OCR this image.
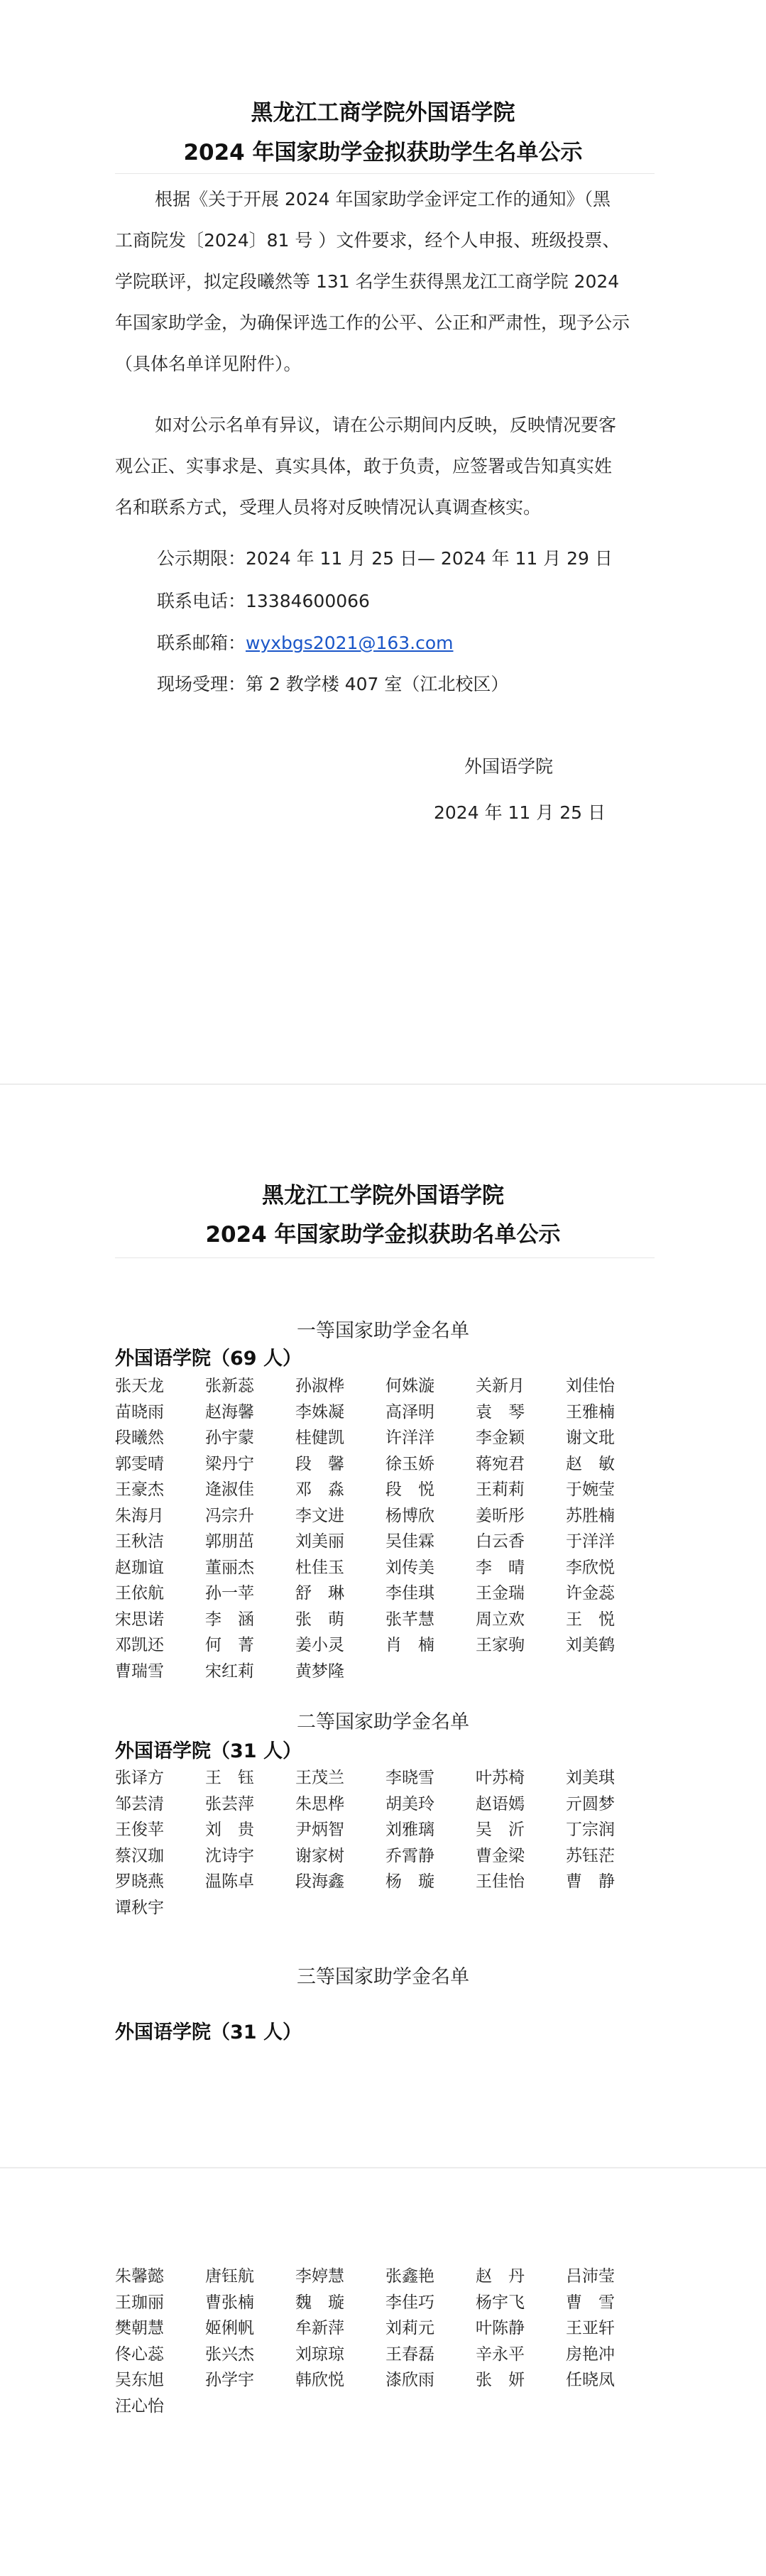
黑龙江工商学院外国语学院
2024 年国家助学金拟获助学生名单公示
根据《关于开展 2024 年国家助学金评定工作的通知》（黑
工商院发〔2024〕81 号 ）文件要求，经个人申报、班级投票、
学院联评，拟定段曦然等 131 名学生获得黑龙江工商学院 2024
年国家助学金，为确保评选工作的公平、公正和严肃性，现予公示
（具体名单详见附件）。
如对公示名单有异议，请在公示期间内反映，反映情况要客
观公正、实事求是、真实具体，敢于负责，应签署或告知真实姓
名和联系方式，受理人员将对反映情况认真调查核实。
公示期限：2024 年 11 月 25 日— 2024 年 11 月 29 日
联系电话：13384600066
联系邮箱：wyxbgs2021@163.com
现场受理：第 2 教学楼 407 室（江北校区）
外国语学院
2024 年 11 月 25 日
黑龙江工学院外国语学院
2024 年国家助学金拟获助名单公示
一等国家助学金名单
外国语学院（69 人）
张天龙	张新蕊	孙淑桦	何姝漩	关新月	刘佳怡
苗晓雨	赵海馨	李姝凝	高泽明	袁　琴	王雅楠
段曦然	孙宇蒙	桂健凯	许洋洋	李金颖	谢文玭
郭雯晴	梁丹宁	段　馨	徐玉娇	蒋宛君	赵　敏
王豪杰	逄淑佳	邓　淼	段　悦	王莉莉	于婉莹
朱海月	冯宗升	李文进	杨博欣	姜昕彤	苏胜楠
王秋洁	郭朋茁	刘美丽	吴佳霖	白云香	于洋洋
赵珈谊	董丽杰	杜佳玉	刘传美	李　晴	李欣悦
王依航	孙一苹	舒　琳	李佳琪	王金瑞	许金蕊
宋思诺	李　涵	张　萌	张芊慧	周立欢	王　悦
邓凯还	何　菁	姜小灵	肖　楠	王家驹	刘美鹤
曹瑞雪	宋红莉	黄梦隆
二等国家助学金名单
外国语学院（31 人）
张译方	王　钰	王茂兰	李晓雪	叶苏椅	刘美琪
邹芸清	张芸萍	朱思桦	胡美玲	赵语嫣	亓圆梦
王俊苹	刘　贵	尹炳智	刘雅璃	吴　沂	丁宗润
蔡汉珈	沈诗宇	谢家树	乔霄静	曹金梁	苏钰茫
罗晓燕	温陈卓	段海鑫	杨　璇	王佳怡	曹　静
谭秋宇
三等国家助学金名单
外国语学院（31 人）
朱馨懿	唐钰航	李婷慧	张鑫艳	赵　丹	吕沛莹
王珈丽	曹张楠	魏　璇	李佳巧	杨宇飞	曹　雪
樊朝慧	姬俐帆	牟新萍	刘莉元	叶陈静	王亚轩
佟心蕊	张兴杰	刘琼琼	王春磊	辛永平	房艳冲
吴东旭	孙学宇	韩欣悦	漆欣雨	张　妍	任晓凤
汪心怡
